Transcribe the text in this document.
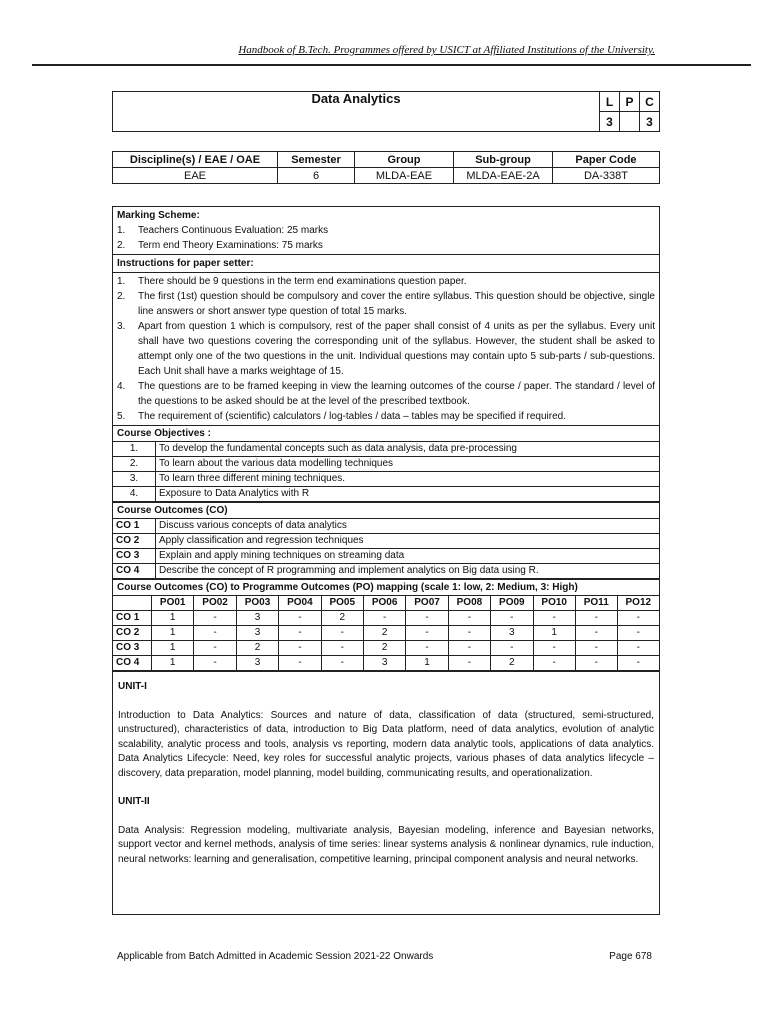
Handbook of B.Tech. Programmes offered by USICT at Affiliated Institutions of the University.
Data Analytics	L	P	C
	3		3
Discipline(s) / EAE / OAE	Semester	Group	Sub-group	Paper Code
EAE	6	MLDA-EAE	MLDA-EAE-2A	DA-338T
Marking Scheme:
1. Teachers Continuous Evaluation: 25 marks
2. Term end Theory Examinations: 75 marks
Instructions for paper setter:
1. There should be 9 questions in the term end examinations question paper.
2. The first (1st) question should be compulsory and cover the entire syllabus. This question should be objective, single line answers or short answer type question of total 15 marks.
3. Apart from question 1 which is compulsory, rest of the paper shall consist of 4 units as per the syllabus. Every unit shall have two questions covering the corresponding unit of the syllabus. However, the student shall be asked to attempt only one of the two questions in the unit. Individual questions may contain upto 5 sub-parts / sub-questions. Each Unit shall have a marks weightage of 15.
4. The questions are to be framed keeping in view the learning outcomes of the course / paper. The standard / level of the questions to be asked should be at the level of the prescribed textbook.
5. The requirement of (scientific) calculators / log-tables / data – tables may be specified if required.
Course Objectives :
1.	To develop the fundamental concepts such as data analysis, data pre-processing
2.	To learn about the various data modelling techniques
3.	To learn three different mining techniques.
4.	Exposure to Data Analytics with R
Course Outcomes (CO)
CO 1	Discuss various concepts of data analytics
CO 2	Apply classification and regression techniques
CO 3	Explain and apply mining techniques on streaming data
CO 4	Describe the concept of R programming and implement analytics on Big data using R.
Course Outcomes (CO) to Programme Outcomes (PO) mapping (scale 1: low, 2: Medium, 3: High)
	PO01	PO02	PO03	PO04	PO05	PO06	PO07	PO08	PO09	PO10	PO11	PO12
CO 1	1	-	3	-	2	-	-	-	-	-	-	-
CO 2	1	-	3	-	-	2	-	-	3	1	-	-
CO 3	1	-	2	-	-	2	-	-	-	-	-	-
CO 4	1	-	3	-	-	3	1	-	2	-	-	-
UNIT-I

Introduction to Data Analytics: Sources and nature of data, classification of data (structured, semi-structured, unstructured), characteristics of data, introduction to Big Data platform, need of data analytics, evolution of analytic scalability, analytic process and tools, analysis vs reporting, modern data analytic tools, applications of data analytics. Data Analytics Lifecycle: Need, key roles for successful analytic projects, various phases of data analytics lifecycle – discovery, data preparation, model planning, model building, communicating results, and operationalization.

UNIT-II

Data Analysis: Regression modeling, multivariate analysis, Bayesian modeling, inference and Bayesian networks, support vector and kernel methods, analysis of time series: linear systems analysis & nonlinear dynamics, rule induction, neural networks: learning and generalisation, competitive learning, principal component analysis and neural networks.

Applicable from Batch Admitted in Academic Session 2021-22 Onwards	Page 678
